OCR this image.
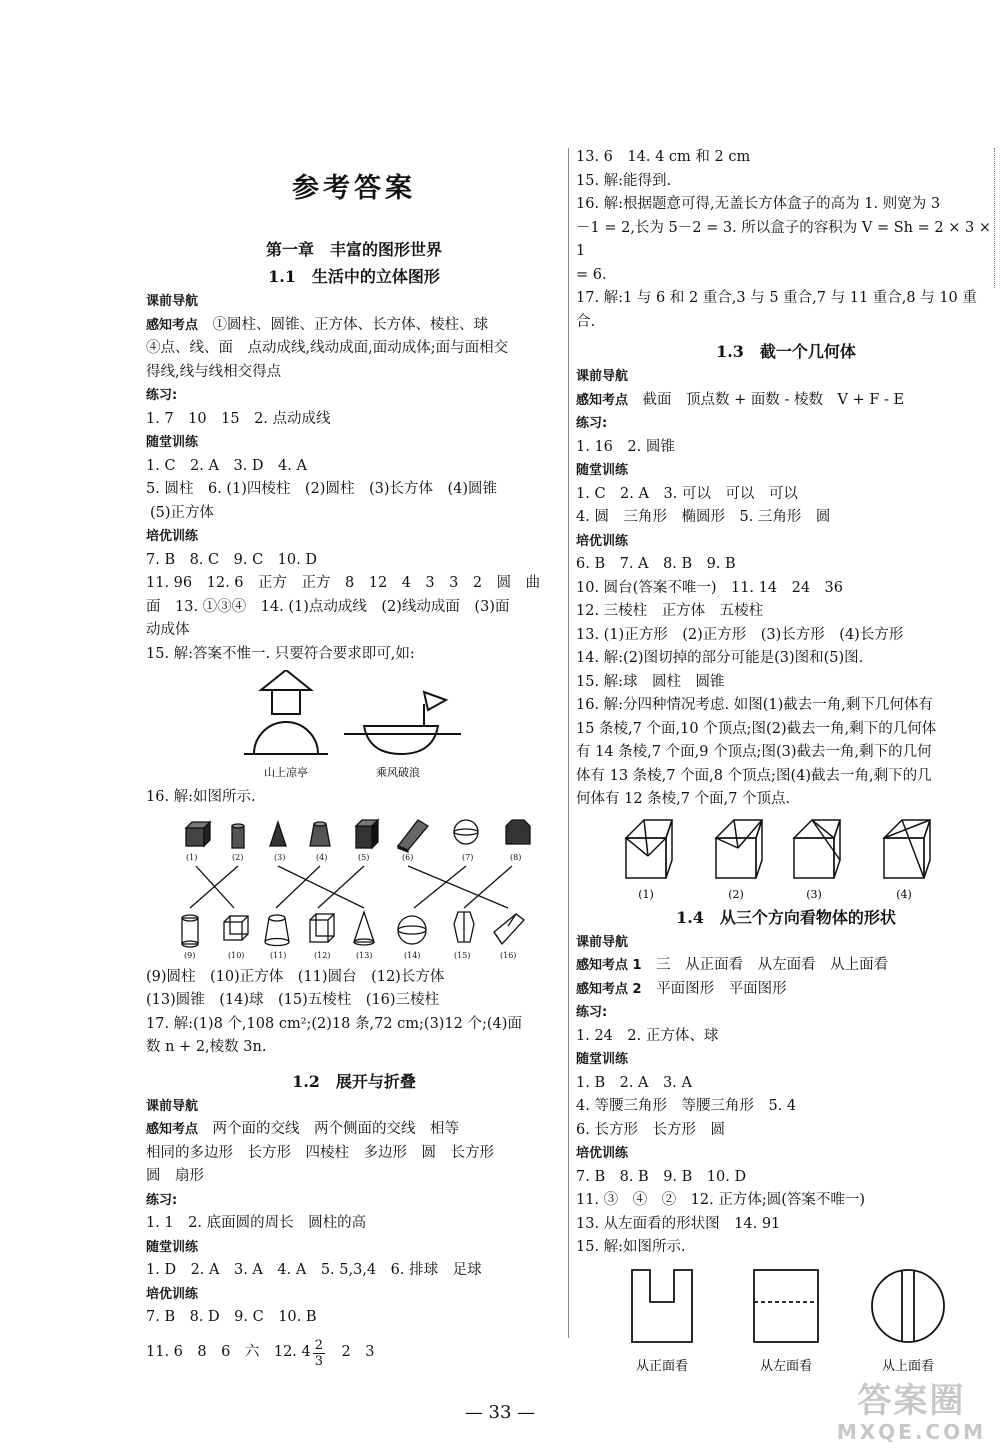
参考答案
第一章　丰富的图形世界
1.1　生活中的立体图形
课前导航
感知考点　 ①圆柱、圆锥、正方体、长方体、棱柱、球
④点、线、面　点动成线,线动成面,面动成体;面与面相交
得线,线与线相交得点
练习:
1. 7　10　15　2. 点动成线
随堂训练
1. C　2. A　3. D　4. A
5. 圆柱　6. (1)四棱柱　(2)圆柱　(3)长方体　(4)圆锥
(5)正方体
培优训练
7. B　8. C　9. C　10. D
11. 96　12. 6　正方　正方　8　12　4　3　3　2　圆　曲
面　13. ①③④　14. (1)点动成线　(2)线动成面　(3)面
动成体
15. 解:答案不惟一. 只要符合要求即可,如:
山上凉亭	乘风破浪
16. 解:如图所示.
(1)	(2)	(3)	(4)	(5)	(6)	(7)	(8)
(9)	(10)	(11)	(12)	(13)	(14)	(15)	(16)
(9)圆柱　(10)正方体　(11)圆台　(12)长方体
(13)圆锥　(14)球　(15)五棱柱　(16)三棱柱
17. 解:(1)8 个,108 cm²;(2)18 条,72 cm;(3)12 个;(4)面
数 n + 2,棱数 3n.
1.2　展开与折叠
课前导航
感知考点　 两个面的交线　两个侧面的交线　相等
相同的多边形　长方形　四棱柱　多边形　圆　长方形
圆　扇形
练习:
1. 1　2. 底面圆的周长　圆柱的高
随堂训练
1. D　2. A　3. A　4. A　5. 5,3,4　6. 排球　足球
培优训练
7. B　8. D　9. C　10. B
11. 6　8　6　六　12. $4 \frac{2}{3}$ 　2　3
13. 6　14. 4 cm 和 2 cm
15. 解:能得到.
16. 解:根据题意可得,无盖长方体盒子的高为 1. 则宽为 3
－1 = 2,长为 5－2 = 3. 所以盒子的容积为 V = Sh = 2 × 3 × 1
= 6.
17. 解:1 与 6 和 2 重合,3 与 5 重合,7 与 11 重合,8 与 10 重
合.
1.3　截一个几何体
课前导航
感知考点　 截面　顶点数 + 面数 - 棱数　V + F - E
练习:
1. 16　2. 圆锥
随堂训练
1. C　2. A　3. 可以　可以　可以
4. 圆　三角形　椭圆形　5. 三角形　圆
培优训练
6. B　7. A　8. B　9. B
10. 圆台(答案不唯一)　11. 14　24　36
12. 三棱柱　正方体　五棱柱
13. (1)正方形　(2)正方形　(3)长方形　(4)长方形
14. 解:(2)图切掉的部分可能是(3)图和(5)图.
15. 解:球　圆柱　圆锥
16. 解:分四种情况考虑. 如图(1)截去一角,剩下几何体有
15 条棱,7 个面,10 个顶点;图(2)截去一角,剩下的几何体
有 14 条棱,7 个面,9 个顶点;图(3)截去一角,剩下的几何
体有 13 条棱,7 个面,8 个顶点;图(4)截去一角,剩下的几
何体有 12 条棱,7 个面,7 个顶点.
(1)	(2)	(3)	(4)
1.4　从三个方向看物体的形状
课前导航
感知考点 1　 三　从正面看　从左面看　从上面看
感知考点 2　 平面图形　平面图形
练习:
1. 24　2. 正方体、球
随堂训练
1. B　2. A　3. A
4. 等腰三角形　等腰三角形　5. 4
6. 长方形　长方形　圆
培优训练
7. B　8. B　9. B　10. D
11. ③　④　②　12. 正方体;圆(答案不唯一)
13. 从左面看的形状图　14. 91
15. 解:如图所示.
从正面看	从左面看	从上面看
— 33 —	答案圈
MXQE.COM
